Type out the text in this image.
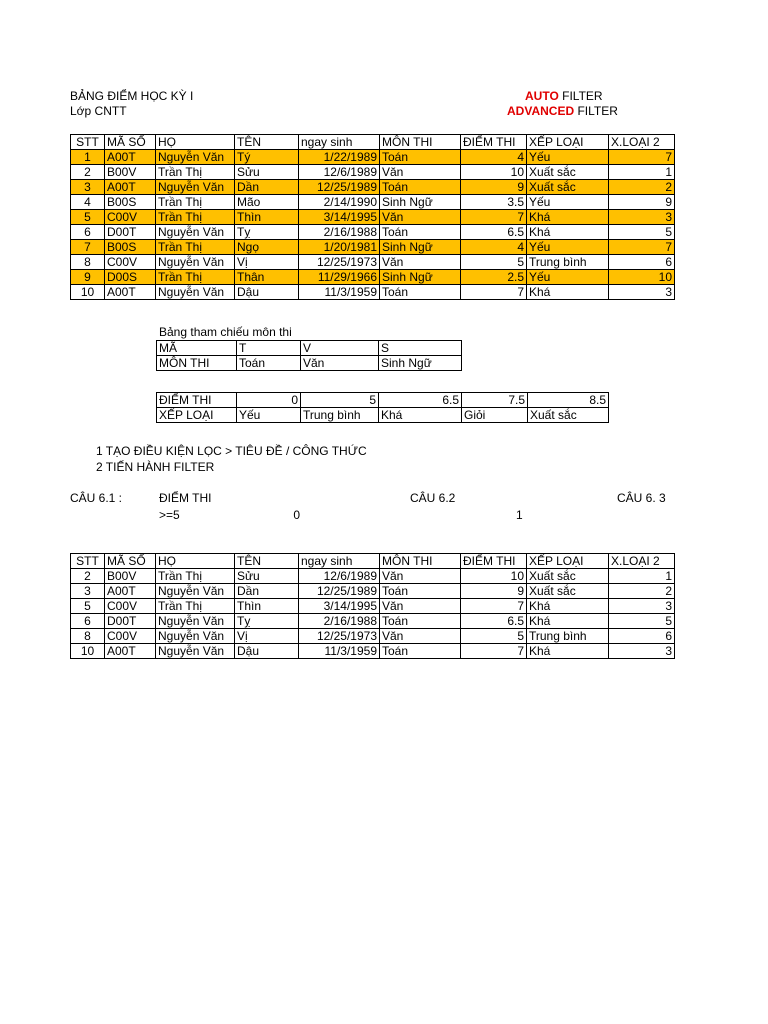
BẢNG ĐIỂM HỌC KỲ I
Lớp CNTT
AUTO FILTER
ADVANCED FILTER
STT	MÃ SỐ	HỌ	TÊN	ngay sinh	MÔN THI	ĐIỂM THI	XẾP LOẠI	X.LOẠI 2
1	A00T	Nguyễn Văn	Tý	1/22/1989	Toán	4	Yếu	7
2	B00V	Trần Thị	Sửu	12/6/1989	Văn	10	Xuất sắc	1
3	A00T	Nguyễn Văn	Dần	12/25/1989	Toán	9	Xuất sắc	2
4	B00S	Trần Thị	Mão	2/14/1990	Sinh Ngữ	3.5	Yếu	9
5	C00V	Trần Thị	Thìn	3/14/1995	Văn	7	Khá	3
6	D00T	Nguyễn Văn	Tỵ	2/16/1988	Toán	6.5	Khá	5
7	B00S	Trần Thị	Ngọ	1/20/1981	Sinh Ngữ	4	Yếu	7
8	C00V	Nguyễn Văn	Vị	12/25/1973	Văn	5	Trung bình	6
9	D00S	Trần Thị	Thân	11/29/1966	Sinh Ngữ	2.5	Yếu	10
10	A00T	Nguyễn Văn	Dậu	11/3/1959	Toán	7	Khá	3
Bảng tham chiếu môn thi
MÃ	T	V	S
MÔN THI	Toán	Văn	Sinh Ngữ
ĐIỂM THI	0	5	6.5	7.5	8.5
XẾP LOẠI	Yếu	Trung bình	Khá	Giỏi	Xuất sắc
1 TẠO ĐIỀU KIỆN LỌC > TIÊU ĐỀ / CÔNG THỨC
2 TIẾN HÀNH FILTER
CÂU 6.1 :	ĐIỂM THI
>=5
CÂU 6.2
0	1
CÂU 6. 3
STT	MÃ SỐ	HỌ	TÊN	ngay sinh	MÔN THI	ĐIỂM THI	XẾP LOẠI	X.LOẠI 2
2	B00V	Trần Thị	Sửu	12/6/1989	Văn	10	Xuất sắc	1
3	A00T	Nguyễn Văn	Dần	12/25/1989	Toán	9	Xuất sắc	2
5	C00V	Trần Thị	Thìn	3/14/1995	Văn	7	Khá	3
6	D00T	Nguyễn Văn	Tỵ	2/16/1988	Toán	6.5	Khá	5
8	C00V	Nguyễn Văn	Vị	12/25/1973	Văn	5	Trung bình	6
10	A00T	Nguyễn Văn	Dậu	11/3/1959	Toán	7	Khá	3
